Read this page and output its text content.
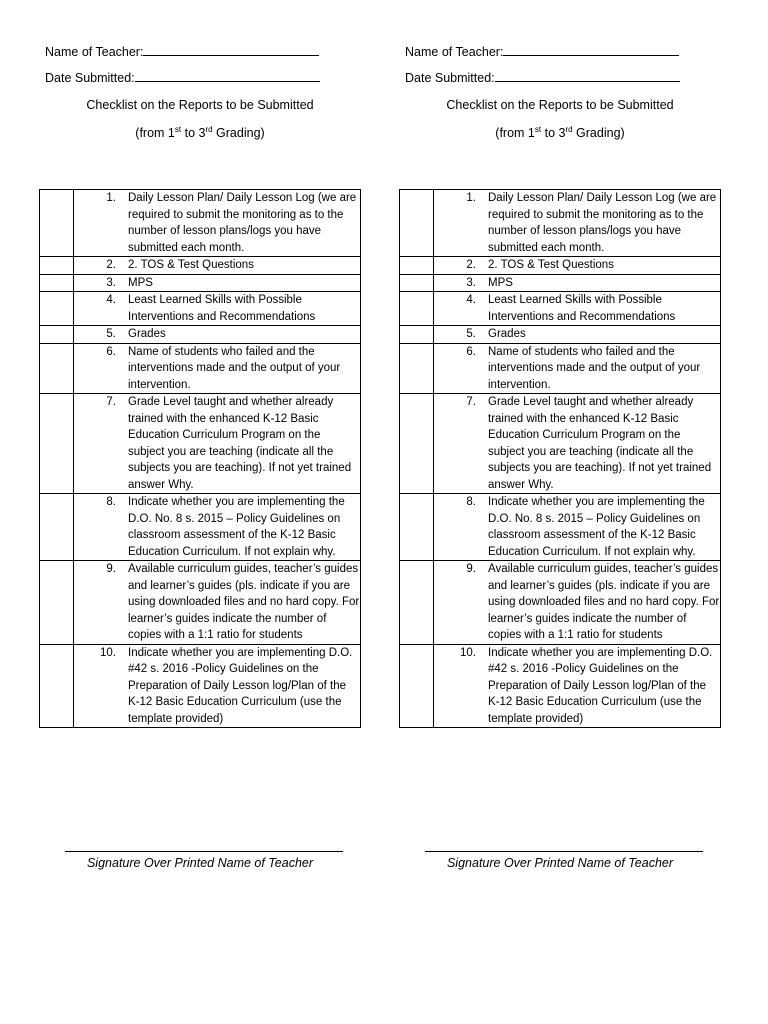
Name of Teacher:
Date Submitted:
Checklist on the Reports to be Submitted
(from 1st to 3rd Grading)

	1. Daily Lesson Plan/ Daily Lesson Log (we are required to submit the monitoring as to the number of lesson plans/logs you have submitted each month.

	2. 2. TOS & Test Questions

	3. MPS

	4. Least Learned Skills with Possible Interventions and Recommendations

	5. Grades

	6. Name of students who failed and the interventions made and the output of your intervention.

	7. Grade Level taught and whether already trained with the enhanced K-12 Basic Education Curriculum Program on the subject you are teaching (indicate all the subjects you are teaching). If not yet trained answer Why.

	8. Indicate whether you are implementing the D.O. No. 8 s. 2015 – Policy Guidelines on classroom assessment of the K-12 Basic Education Curriculum. If not explain why.

	9. Available curriculum guides, teacher’s guides and learner’s guides (pls. indicate if you are using downloaded files and no hard copy. For learner’s guides indicate the number of copies with a 1:1 ratio for students

	10. Indicate whether you are implementing D.O. #42 s. 2016 -Policy Guidelines on the Preparation of Daily Lesson log/Plan of the K-12 Basic Education Curriculum (use the template provided)
Signature Over Printed Name of Teacher
Name of Teacher:
Date Submitted:
Checklist on the Reports to be Submitted
(from 1st to 3rd Grading)

	1. Daily Lesson Plan/ Daily Lesson Log (we are required to submit the monitoring as to the number of lesson plans/logs you have submitted each month.

	2. 2. TOS & Test Questions

	3. MPS

	4. Least Learned Skills with Possible Interventions and Recommendations

	5. Grades

	6. Name of students who failed and the interventions made and the output of your intervention.

	7. Grade Level taught and whether already trained with the enhanced K-12 Basic Education Curriculum Program on the subject you are teaching (indicate all the subjects you are teaching). If not yet trained answer Why.

	8. Indicate whether you are implementing the D.O. No. 8 s. 2015 – Policy Guidelines on classroom assessment of the K-12 Basic Education Curriculum. If not explain why.

	9. Available curriculum guides, teacher’s guides and learner’s guides (pls. indicate if you are using downloaded files and no hard copy. For learner’s guides indicate the number of copies with a 1:1 ratio for students

	10. Indicate whether you are implementing D.O. #42 s. 2016 -Policy Guidelines on the Preparation of Daily Lesson log/Plan of the K-12 Basic Education Curriculum (use the template provided)
Signature Over Printed Name of Teacher
